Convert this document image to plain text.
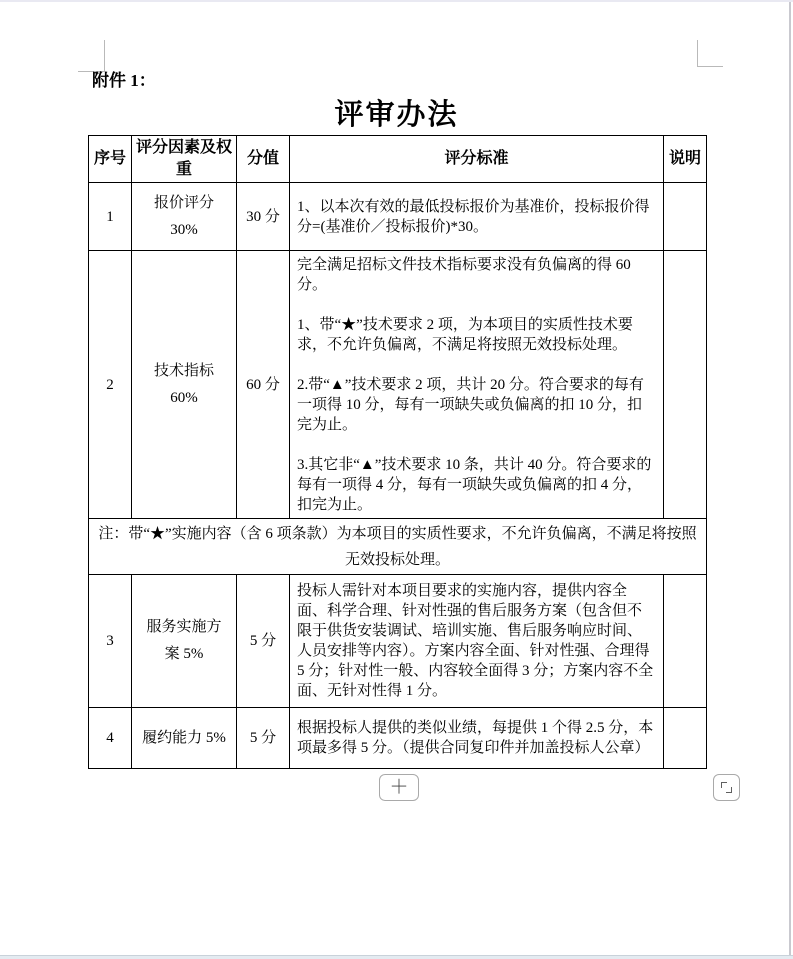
附件 1：
评审办法
序号	评分因素及权重	分值	评分标准	说明
1	报价评分 30%	30 分	1、以本次有效的最低投标报价为基准价，投标报价得分=(基准价／投标报价)*30。	

2	技术指标 60%	60 分	完全满足招标文件技术指标要求没有负偏离的得 60 分。
1、带“★”技术要求 2 项，为本项目的实质性技术要求，不允许负偏离，不满足将按照无效投标处理。
2.带“▲”技术要求 2 项，共计 20 分。符合要求的每有一项得 10 分，每有一项缺失或负偏离的扣 10 分，扣完为止。
3.其它非“▲”技术要求 10 条，共计 40 分。符合要求的每有一项得 4 分，每有一项缺失或负偏离的扣 4 分，扣完为止。	

注：带“★”实施内容（含 6 项条款）为本项目的实质性要求，不允许负偏离，不满足将按照无效投标处理。				
3	服务实施方案 5%	5 分	投标人需针对本项目要求的实施内容，提供内容全面、科学合理、针对性强的售后服务方案（包含但不限于供货安装调试、培训实施、售后服务响应时间、人员安排等内容）。方案内容全面、针对性强、合理得 5 分；针对性一般、内容较全面得 3 分；方案内容不全面、无针对性得 1 分。	

4	履约能力 5%	5 分	根据投标人提供的类似业绩，每提供 1 个得 2.5 分，本项最多得 5 分。（提供合同复印件并加盖投标人公章）	

＋
